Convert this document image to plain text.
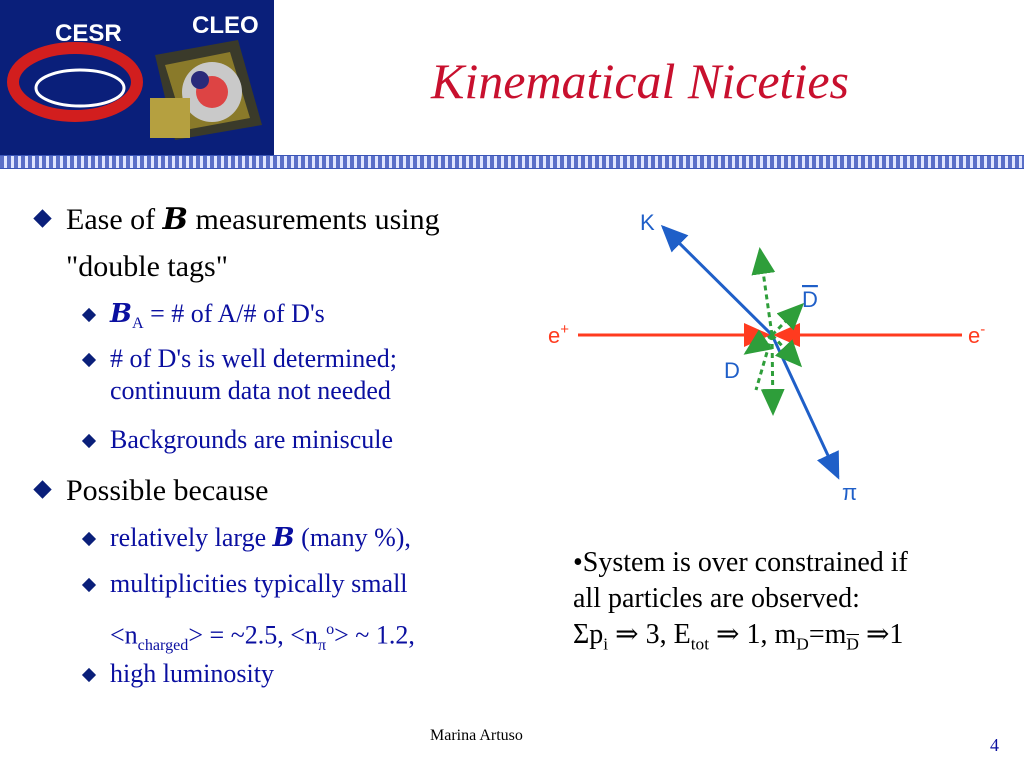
CESR	CLEO
Kinematical Niceties
Ease of B measurements using
"double tags"
$B_A$ = # of A/# of D's
# of D's is well determined;
continuum data not needed
Backgrounds are miniscule
Possible because
relatively large B (many %),
multiplicities typically small
$<n_{charged}>$ = ~2.5, $<n_\pi^o>$ ~ 1.2,
high luminosity
K
D
e+	e-
D
π
•System is over constrained if
all particles are observed:
$\Sigma p_i$ ⇒ 3, $E_{tot}$ ⇒ 1, $m_D=m_{\overline{D}}$ ⇒1
Marina Artuso	4
